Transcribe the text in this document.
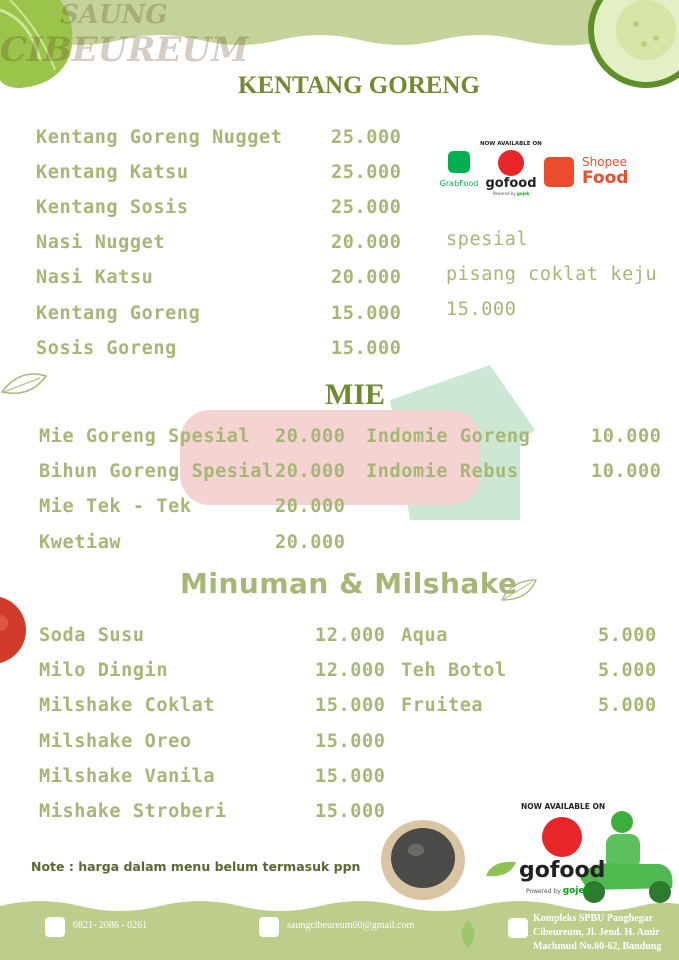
SAUNG
CIBEUREUM
KENTANG GORENG
Kentang Goreng Nugget	25.000
Kentang Katsu	25.000
Kentang Sosis	25.000
Nasi Nugget	20.000
Nasi Katsu	20.000
Kentang Goreng	15.000
Sosis Goreng	15.000
NOW AVAILABLE ON
GrabFood gofood
Powered by gojek
Shopee
Food
spesial
pisang coklat keju
15.000
MIE
Mie Goreng Spesial 20.000
Bihun Goreng Spesial 20.000
Mie Tek - Tek	20.000
Kwetiaw	20.000
Indomie Goreng	10.000
Indomie Rebus	10.000
Minuman & Milshake
Soda Susu	12.000
Milo Dingin	12.000
Milshake Coklat	15.000
Milshake Oreo	15.000
Milshake Vanila	15.000
Mishake Stroberi	15.000
Aqua	5.000
Teh Botol	5.000
Fruitea	5.000
NOW AVAILABLE ON
gofood
Powered by gojek
Note : harga dalam menu belum termasuk ppn
0821- 2086 - 0261	saungcibeureum60@gmail.com
Kompleks SPBU Panghegar
Cibeureum, Jl. Jend. H. Amir
Machmud No.60-62, Bandung
